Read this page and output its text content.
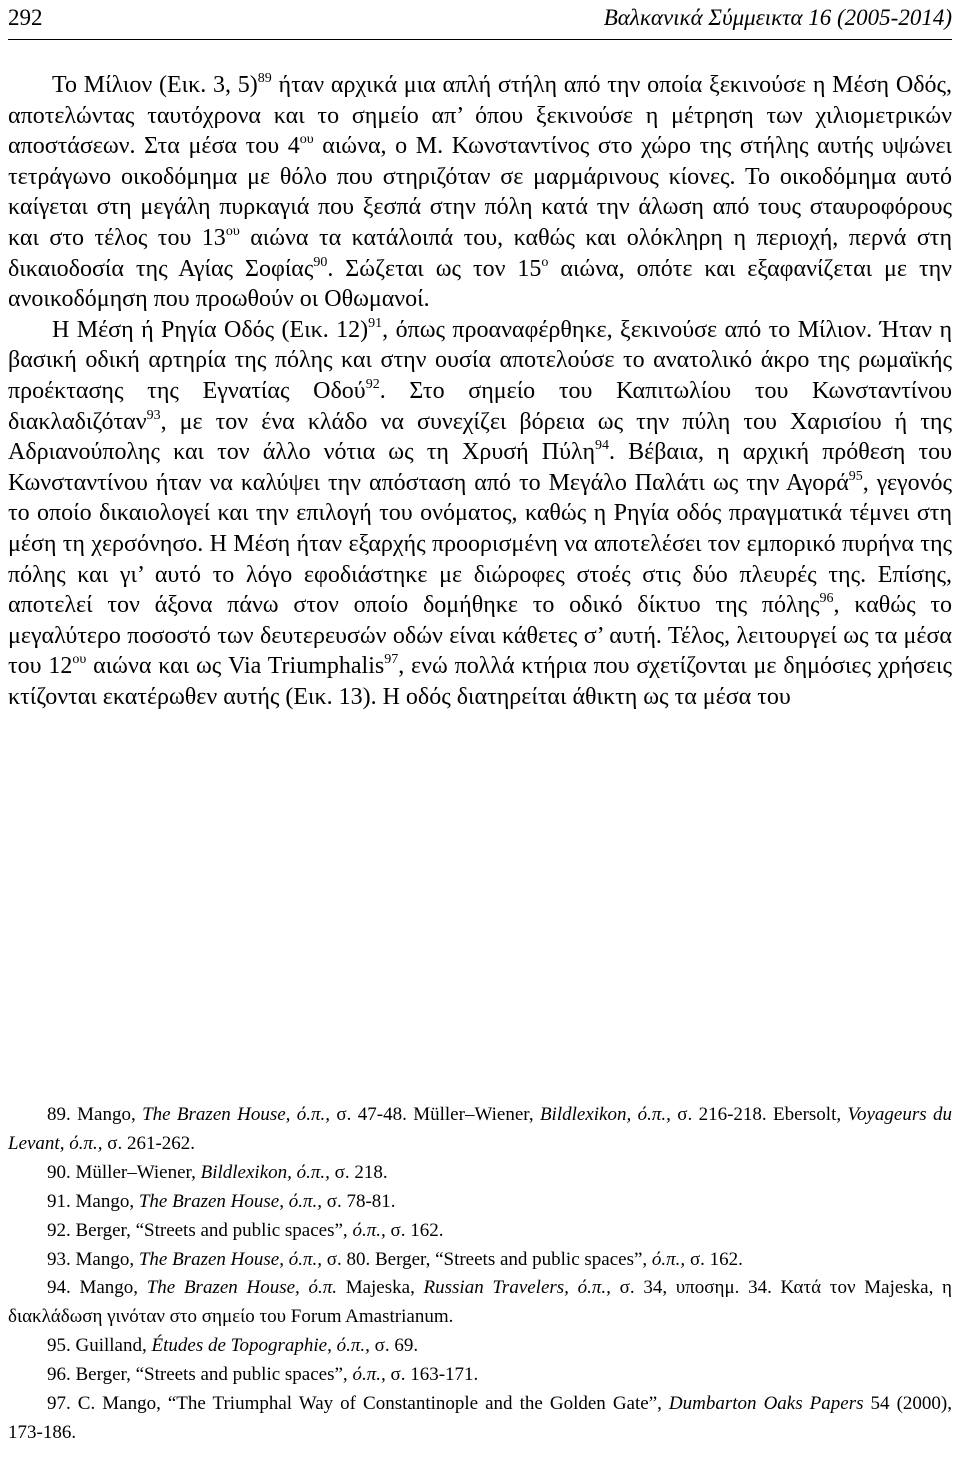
292	Βαλκανικά Σύμμεικτα 16 (2005-2014)

Το Μίλιον (Εικ. 3, 5)$^{89}$ ήταν αρχικά μια απλή στήλη από την οποία ξεκινούσε η Μέση Οδός, αποτελώντας ταυτόχρονα και το σημείο απ’ όπου ξεκινούσε η μέτρηση των χιλιομετρικών αποστάσεων. Στα μέσα του $4^{o\upsilon}$ αιώνα, ο Μ. Κωνσταντίνος στο χώρο της στήλης αυτής υψώνει τετράγωνο οικοδόμημα με θόλο που στηριζόταν σε μαρμάρινους κίονες. Το οικοδόμημα αυτό καίγεται στη μεγάλη πυρκαγιά που ξεσπά στην πόλη κατά την άλωση από τους σταυροφόρους και στο τέλος του $13^{o\upsilon}$ αιώνα τα κατάλοιπά του, καθώς και ολόκληρη η περιοχή, περνά στη δικαιοδοσία της Αγίας Σοφίας$^{90}$. Σώζεται ως τον $15^o$ αιώνα, οπότε και εξαφανίζεται με την ανοικοδόμηση που προωθούν οι Οθωμανοί.

Η Μέση ή Ρηγία Οδός (Εικ. 12)$^{91}$, όπως προαναφέρθηκε, ξεκινούσε από το Μίλιον. Ήταν η βασική οδική αρτηρία της πόλης και στην ουσία αποτελούσε το ανατολικό άκρο της ρωμαϊκής προέκτασης της Εγνατίας Οδού$^{92}$. Στο σημείο του Καπιτωλίου του Κωνσταντίνου διακλαδιζόταν$^{93}$, με τον ένα κλάδο να συνεχίζει βόρεια ως την πύλη του Χαρισίου ή της Αδριανούπολης και τον άλλο νότια ως τη Χρυσή Πύλη$^{94}$. Βέβαια, η αρχική πρόθεση του Κωνσταντίνου ήταν να καλύψει την απόσταση από το Μεγάλο Παλάτι ως την Αγορά$^{95}$, γεγονός το οποίο δικαιολογεί και την επιλογή του ονόματος, καθώς η Ρηγία οδός πραγματικά τέμνει στη μέση τη χερσόνησο. Η Μέση ήταν εξαρχής προορισμένη να αποτελέσει τον εμπορικό πυρήνα της πόλης και γι’ αυτό το λόγο εφοδιάστηκε με διώροφες στοές στις δύο πλευρές της. Επίσης, αποτελεί τον άξονα πάνω στον οποίο δομήθηκε το οδικό δίκτυο της πόλης$^{96}$, καθώς το μεγαλύτερο ποσοστό των δευτερευσών οδών είναι κάθετες σ’ αυτή. Τέλος, λειτουργεί ως τα μέσα του $12^{o\upsilon}$ αιώνα και ως Via Triumphalis$^{97}$, ενώ πολλά κτήρια που σχετίζονται με δημόσιες χρήσεις κτίζονται εκατέρωθεν αυτής (Εικ. 13). Η οδός διατηρείται άθικτη ως τα μέσα του

89. Mango, The Brazen House, ό.π., σ. 47-48. Müller–Wiener, Bildlexikon, ό.π., σ. 216-218. Ebersolt, Voyageurs du Levant, ό.π., σ. 261-262.

90. Müller–Wiener, Bildlexikon, ό.π., σ. 218.

91. Mango, The Brazen House, ό.π., σ. 78-81.

92. Berger, “Streets and public spaces”, ό.π., σ. 162.

93. Mango, The Brazen House, ό.π., σ. 80. Berger, “Streets and public spaces”, ό.π., σ. 162.

94. Mango, The Brazen House, ό.π. Majeska, Russian Travelers, ό.π., σ. 34, υποσημ. 34. Κατά τον Majeska, η διακλάδωση γινόταν στο σημείο του Forum Amastrianum.

95. Guilland, Études de Topographie, ό.π., σ. 69.

96. Berger, “Streets and public spaces”, ό.π., σ. 163-171.

97. C. Mango, “The Triumphal Way of Constantinople and the Golden Gate”, Dumbarton Oaks Papers 54 (2000), 173-186.
